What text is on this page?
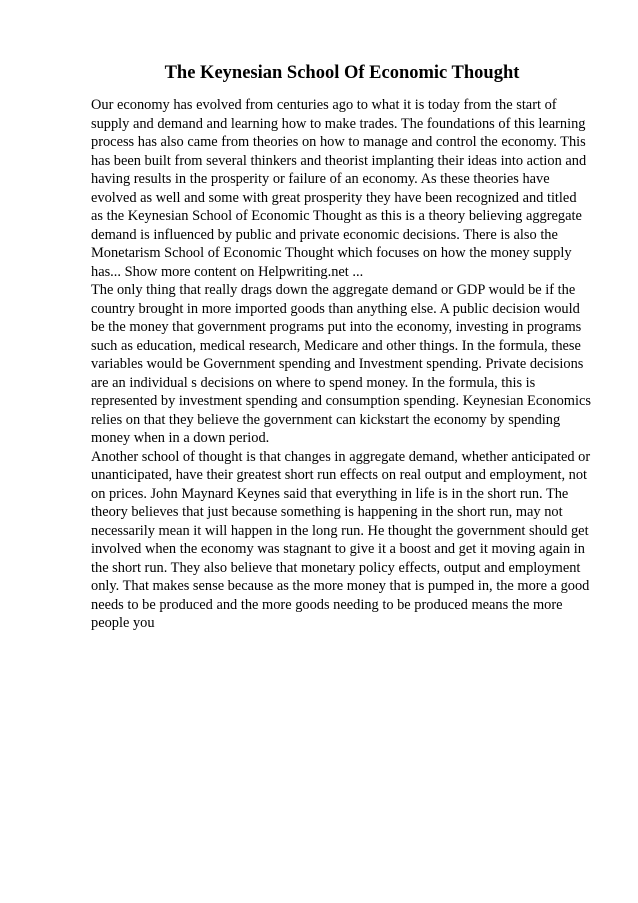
The Keynesian School Of Economic Thought

Our economy has evolved from centuries ago to what it is today from the start of supply and demand and learning how to make trades. The foundations of this learning process has also came from theories on how to manage and control the economy. This has been built from several thinkers and theorist implanting their ideas into action and having results in the prosperity or failure of an economy. As these theories have evolved as well and some with great prosperity they have been recognized and titled as the Keynesian School of Economic Thought as this is a theory believing aggregate demand is influenced by public and private economic decisions. There is also the Monetarism School of Economic Thought which focuses on how the money supply has... Show more content on Helpwriting.net ...

The only thing that really drags down the aggregate demand or GDP would be if the country brought in more imported goods than anything else. A public decision would be the money that government programs put into the economy, investing in programs such as education, medical research, Medicare and other things. In the formula, these variables would be Government spending and Investment spending. Private decisions are an individual s decisions on where to spend money. In the formula, this is represented by investment spending and consumption spending. Keynesian Economics relies on that they believe the government can kickstart the economy by spending money when in a down period.

Another school of thought is that changes in aggregate demand, whether anticipated or unanticipated, have their greatest short run effects on real output and employment, not on prices. John Maynard Keynes said that everything in life is in the short run. The theory believes that just because something is happening in the short run, may not necessarily mean it will happen in the long run. He thought the government should get involved when the economy was stagnant to give it a boost and get it moving again in the short run. They also believe that monetary policy effects, output and employment only. That makes sense because as the more money that is pumped in, the more a good needs to be produced and the more goods needing to be produced means the more people you
